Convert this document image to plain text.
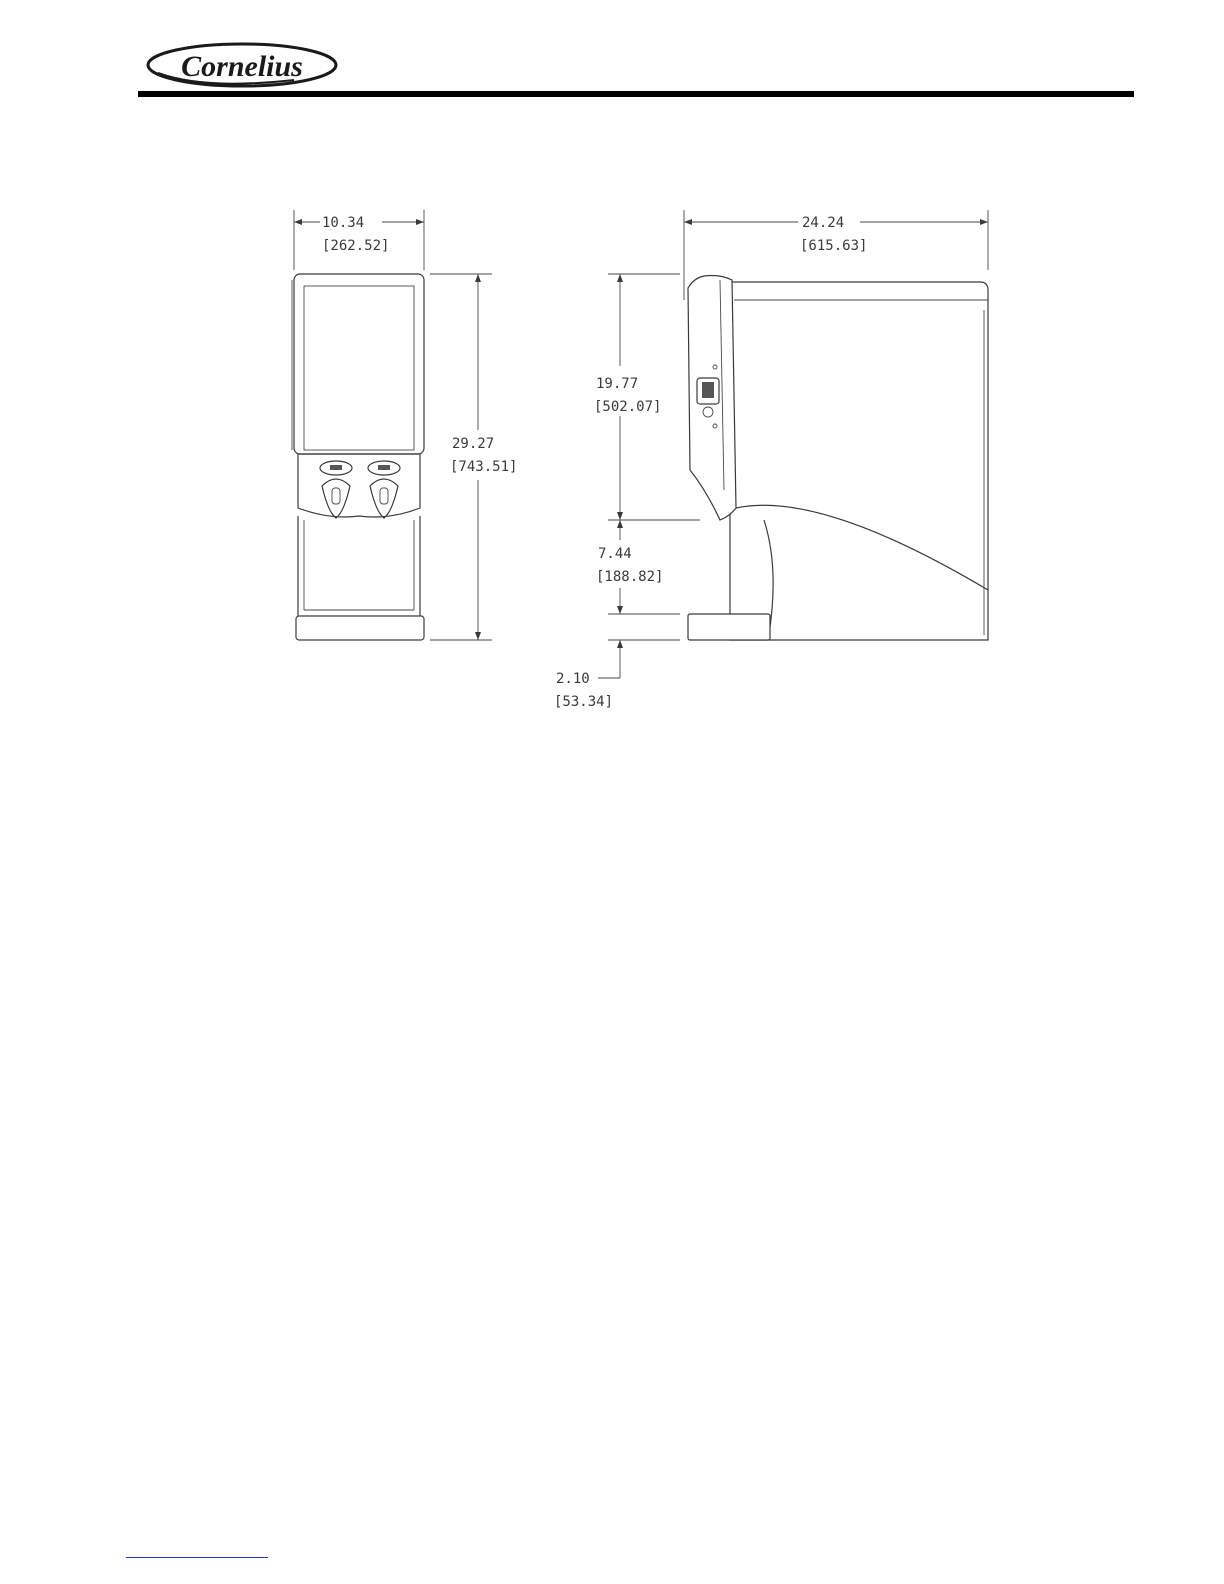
Cornelius
10.34
[262.52]
29.27
[743.51]
24.24
[615.63]
19.77
[502.07]
7.44
[188.82]
2.10
[53.34]
